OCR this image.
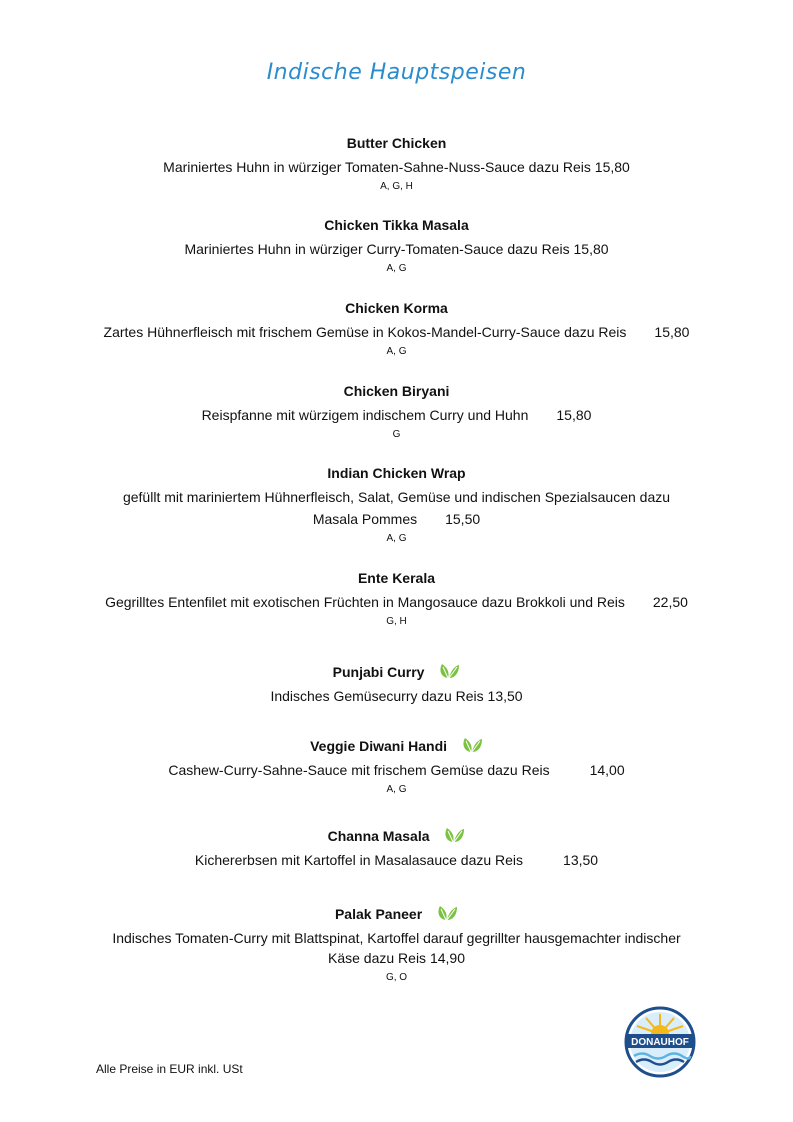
Indische Hauptspeisen
Butter Chicken
Mariniertes Huhn in würziger Tomaten-Sahne-Nuss-Sauce dazu Reis 15,80
A, G, H
Chicken Tikka Masala
Mariniertes Huhn in würziger Curry-Tomaten-Sauce dazu Reis 15,80
A, G
Chicken Korma
Zartes Hühnerfleisch mit frischem Gemüse in Kokos-Mandel-Curry-Sauce dazu Reis 15,80
A, G
Chicken Biryani
Reispfanne mit würzigem indischem Curry und Huhn 15,80
G
Indian Chicken Wrap
gefüllt mit mariniertem Hühnerfleisch, Salat, Gemüse und indischen Spezialsaucen dazu
Masala Pommes 15,50
A, G
Ente Kerala
Gegrilltes Entenfilet mit exotischen Früchten in Mangosauce dazu Brokkoli und Reis 22,50
G, H
Punjabi Curry
Indisches Gemüsecurry dazu Reis 13,50
Veggie Diwani Handi
Cashew-Curry-Sahne-Sauce mit frischem Gemüse dazu Reis	14,00
A, G
Channa Masala
Kichererbsen mit Kartoffel in Masalasauce dazu Reis	13,50
Palak Paneer
Indisches Tomaten-Curry mit Blattspinat, Kartoffel darauf gegrillter hausgemachter indischer
Käse dazu Reis 14,90
G, O
DONAUHOF
Alle Preise in EUR inkl. USt
